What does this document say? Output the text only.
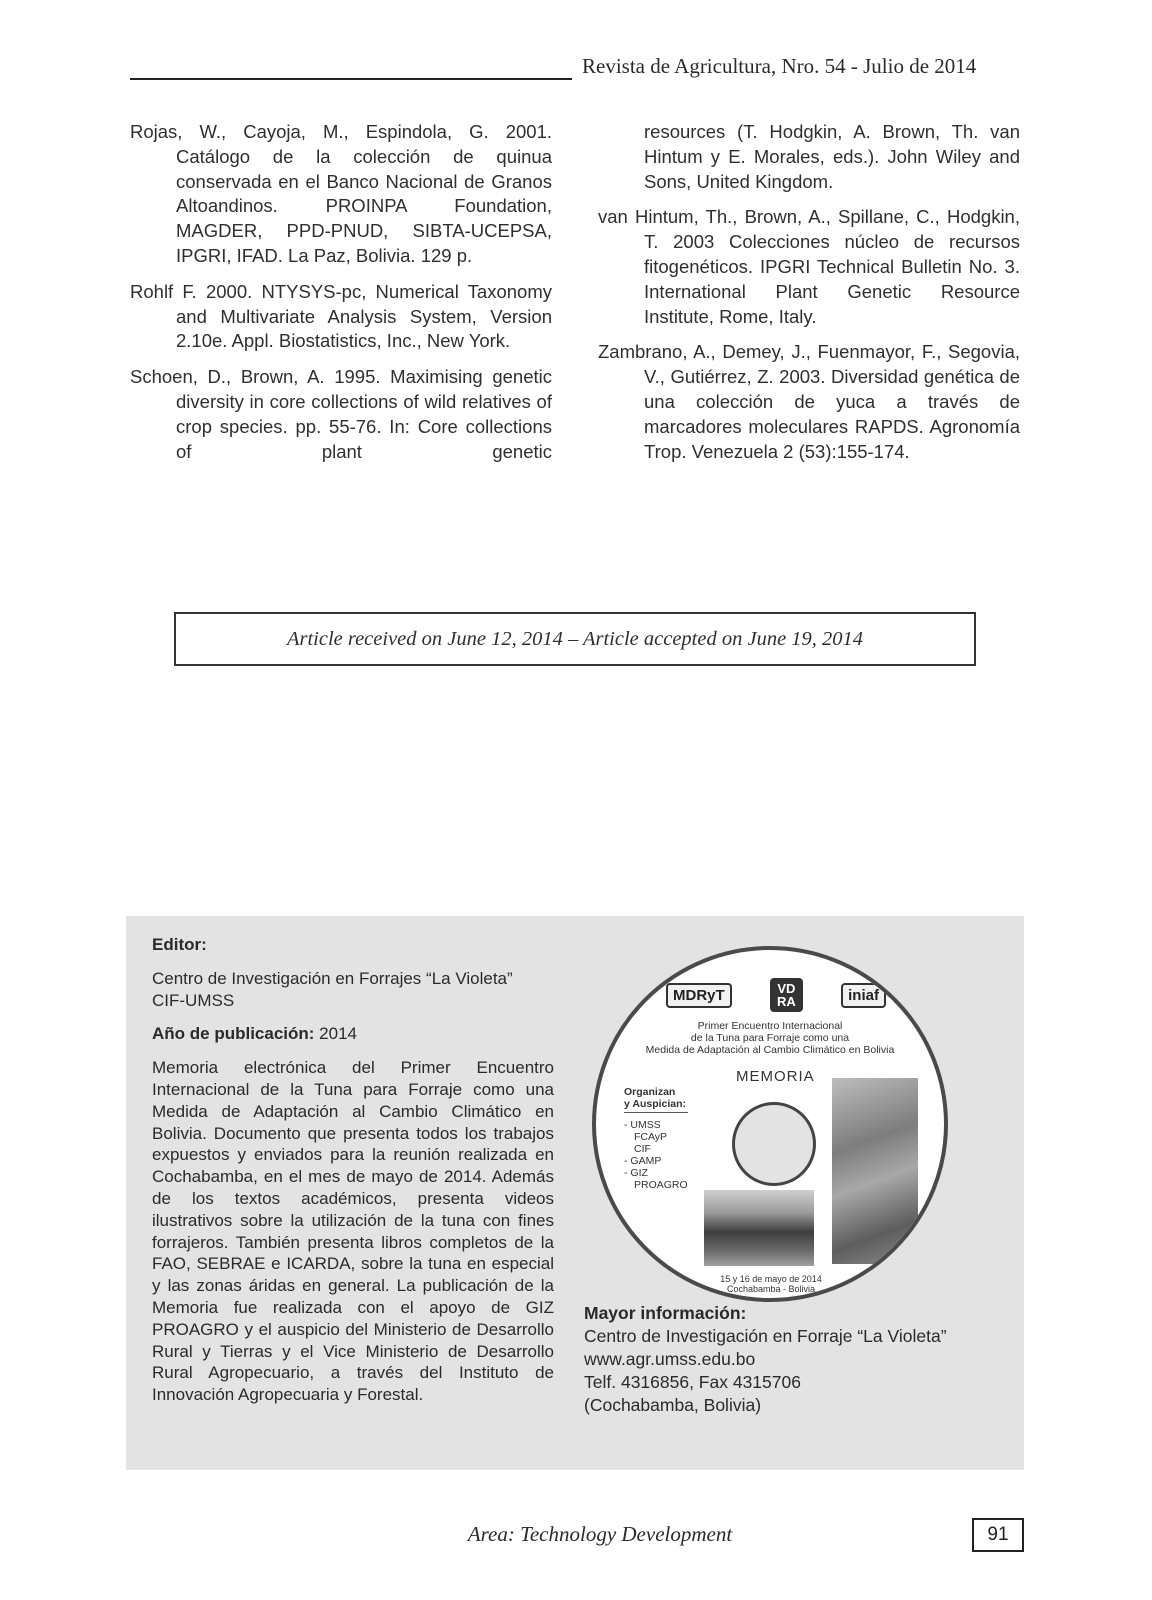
Revista de Agricultura, Nro. 54 - Julio de 2014

Rojas, W., Cayoja, M., Espindola, G. 2001. Catálogo de la colección de quinua conservada en el Banco Nacional de Granos Altoandinos. PROINPA Foundation, MAGDER, PPD-PNUD, SIBTA-UCEPSA, IPGRI, IFAD. La Paz, Bolivia. 129 p.

Rohlf F. 2000. NTYSYS-pc, Numerical Taxonomy and Multivariate Analysis System, Version 2.10e. Appl. Biostatistics, Inc., New York.

Schoen, D., Brown, A. 1995. Maximising genetic diversity in core collections of wild relatives of crop species. pp. 55-76. In: Core collections of plant genetic

resources (T. Hodgkin, A. Brown, Th. van Hintum y E. Morales, eds.). John Wiley and Sons, United Kingdom.

van Hintum, Th., Brown, A., Spillane, C., Hodgkin, T. 2003 Colecciones núcleo de recursos fitogenéticos. IPGRI Technical Bulletin No. 3. International Plant Genetic Resource Institute, Rome, Italy.

Zambrano, A., Demey, J., Fuenmayor, F., Segovia, V., Gutiérrez, Z. 2003. Diversidad genética de una colección de yuca a través de marcadores moleculares RAPDS. Agronomía Trop. Venezuela 2 (53):155-174.

Article received on June 12, 2014 – Article accepted on June 19, 2014

Editor:

Centro de Investigación en Forrajes “La Violeta”
CIF-UMSS

Año de publicación: 2014

Memoria electrónica del Primer Encuentro Internacional de la Tuna para Forraje como una Medida de Adaptación al Cambio Climático en Bolivia. Documento que presenta todos los trabajos expuestos y enviados para la reunión realizada en Cochabamba, en el mes de mayo de 2014. Además de los textos académicos, presenta videos ilustrativos sobre la utilización de la tuna con fines forrajeros. También presenta libros completos de la FAO, SEBRAE e ICARDA, sobre la tuna en especial y las zonas áridas en general. La publicación de la Memoria fue realizada con el apoyo de GIZ PROAGRO y el auspicio del Ministerio de Desarrollo Rural y Tierras y el Vice Ministerio de Desarrollo Rural Agropecuario, a través del Instituto de Innovación Agropecuaria y Forestal.

MDRyT	VD
RA	iniaf
Primer Encuentro Internacional
de la Tuna para Forraje como una
Medida de Adaptación al Cambio Climático en Bolivia
MEMORIA
Organizan
y Auspician:
- UMSS
FCAyP
CIF
- GAMP
- GIZ
PROAGRO
15 y 16 de mayo de 2014
Cochabamba - Bolivia
Mayor información:
Centro de Investigación en Forraje “La Violeta”
www.agr.umss.edu.bo
Telf. 4316856, Fax 4315706
(Cochabamba, Bolivia)
Area: Technology Development	91
